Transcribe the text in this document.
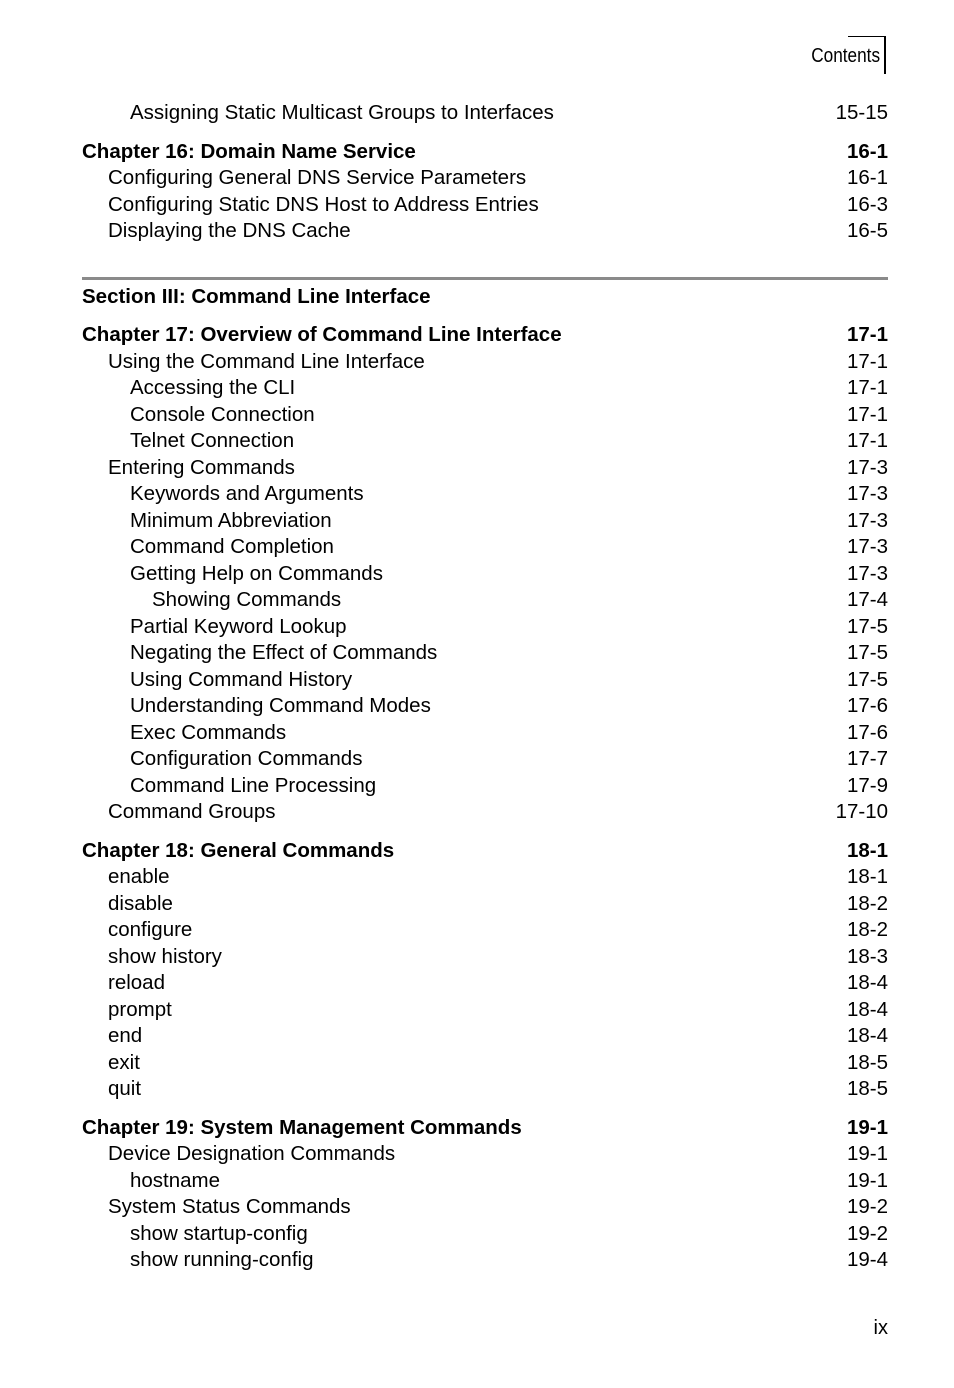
Contents
Assigning Static Multicast Groups to Interfaces	15-15
Chapter 16: Domain Name Service	16-1
Configuring General DNS Service Parameters	16-1
Configuring Static DNS Host to Address Entries	16-3
Displaying the DNS Cache	16-5
Section III: Command Line Interface
Chapter 17: Overview of Command Line Interface	17-1
Using the Command Line Interface	17-1
Accessing the CLI	17-1
Console Connection	17-1
Telnet Connection	17-1
Entering Commands	17-3
Keywords and Arguments	17-3
Minimum Abbreviation	17-3
Command Completion	17-3
Getting Help on Commands	17-3
Showing Commands	17-4
Partial Keyword Lookup	17-5
Negating the Effect of Commands	17-5
Using Command History	17-5
Understanding Command Modes	17-6
Exec Commands	17-6
Configuration Commands	17-7
Command Line Processing	17-9
Command Groups	17-10
Chapter 18: General Commands	18-1
enable	18-1
disable	18-2
configure	18-2
show history	18-3
reload	18-4
prompt	18-4
end	18-4
exit	18-5
quit	18-5
Chapter 19: System Management Commands	19-1
Device Designation Commands	19-1
hostname	19-1
System Status Commands	19-2
show startup-config	19-2
show running-config	19-4
ix
